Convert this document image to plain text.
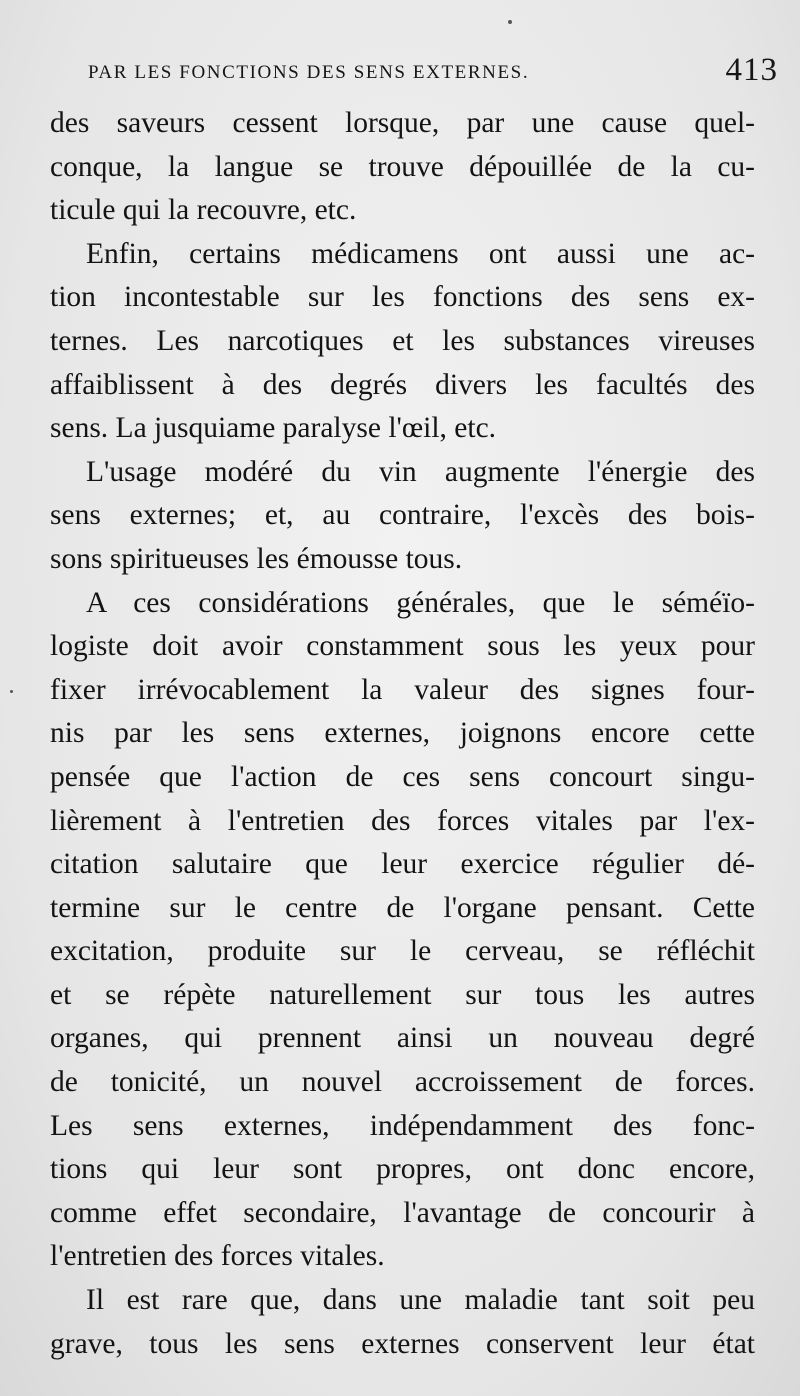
PAR LES FONCTIONS DES SENS EXTERNES.	413
des saveurs cessent lorsque, par une cause quel-
conque, la langue se trouve dépouillée de la cu-
ticule qui la recouvre, etc.
Enfin, certains médicamens ont aussi une ac-
tion incontestable sur les fonctions des sens ex-
ternes. Les narcotiques et les substances vireuses
affaiblissent à des degrés divers les facultés des
sens. La jusquiame paralyse l'œil, etc.
L'usage modéré du vin augmente l'énergie des
sens externes; et, au contraire, l'excès des bois-
sons spiritueuses les émousse tous.
A ces considérations générales, que le séméïo-
logiste doit avoir constamment sous les yeux pour
fixer irrévocablement la valeur des signes four-
nis par les sens externes, joignons encore cette
pensée que l'action de ces sens concourt singu-
lièrement à l'entretien des forces vitales par l'ex-
citation salutaire que leur exercice régulier dé-
termine sur le centre de l'organe pensant. Cette
excitation, produite sur le cerveau, se réfléchit
et se répète naturellement sur tous les autres
organes, qui prennent ainsi un nouveau degré
de tonicité, un nouvel accroissement de forces.
Les sens externes, indépendamment des fonc-
tions qui leur sont propres, ont donc encore,
comme effet secondaire, l'avantage de concourir à
l'entretien des forces vitales.
Il est rare que, dans une maladie tant soit peu
grave, tous les sens externes conservent leur état
